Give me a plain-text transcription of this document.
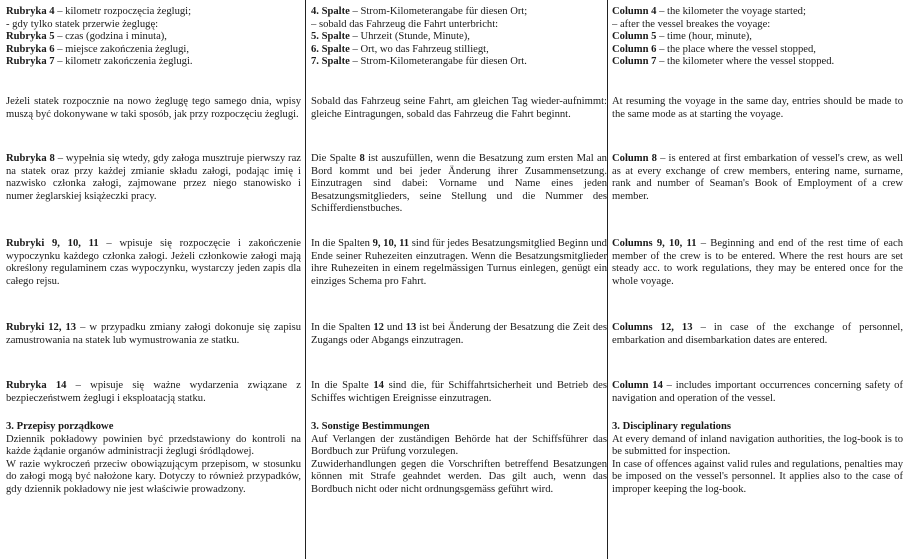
Rubryka 4 – kilometr rozpoczęcia żeglugi;

- gdy tylko statek przerwie żeglugę:

Rubryka 5 – czas (godzina i minuta),

Rubryka 6 – miejsce zakończenia żeglugi,

Rubryka 7 – kilometr zakończenia żeglugi.

Jeżeli statek rozpocznie na nowo żeglugę tego samego dnia, wpisy muszą być dokonywane w taki sposób, jak przy rozpoczęciu żeglugi.

Rubryka 8 – wypełnia się wtedy, gdy załoga musztruje pierwszy raz na statek oraz przy każdej zmianie składu załogi, podając imię i nazwisko członka załogi, zajmowane przez niego stanowisko i numer żeglarskiej książeczki pracy.

Rubryki 9, 10, 11 – wpisuje się rozpoczęcie i zakończenie wypoczynku każdego członka załogi. Jeżeli członkowie załogi mają określony regulaminem czas wypoczynku, wystarczy jeden zapis dla całego rejsu.

Rubryki 12, 13 – w przypadku zmiany załogi dokonuje się zapisu zamustrowania na statek lub wymustrowania ze statku.

Rubryka 14 – wpisuje się ważne wydarzenia związane z bezpieczeństwem żeglugi i eksploatacją statku.

3. Przepisy porządkowe

Dziennik pokładowy powinien być przedstawiony do kontroli na każde żądanie organów administracji żeglugi śródlądowej.

W razie wykroczeń przeciw obowiązującym przepisom, w stosunku do załogi mogą być nałożone kary. Dotyczy to również przypadków, gdy dziennik pokładowy nie jest właściwie prowadzony.

4. Spalte – Strom-Kilometerangabe für diesen Ort;

– sobald das Fahrzeug die Fahrt unterbricht:

5. Spalte – Uhrzeit (Stunde, Minute),

6. Spalte – Ort, wo das Fahrzeug stilliegt,

7. Spalte – Strom-Kilometerangabe für diesen Ort.

Sobald das Fahrzeug seine Fahrt, am gleichen Tag wieder-aufnimmt: gleiche Eintragungen, sobald das Fahrzeug die Fahrt beginnt.

Die Spalte 8 ist auszufüllen, wenn die Besatzung zum ersten Mal an Bord kommt und bei jeder Änderung ihrer Zusammensetzung. Einzutragen sind dabei: Vorname und Name eines jeden Besatzungsmitglieders, seine Stellung und die Nummer des Schifferdienstbuches.

In die Spalten 9, 10, 11 sind für jedes Besatzungsmitglied Beginn und Ende seiner Ruhezeiten einzutragen. Wenn die Besatzungsmitglieder ihre Ruhezeiten in einem regelmässigen Turnus einlegen, genügt ein einziges Schema pro Fahrt.

In die Spalten 12 und 13 ist bei Änderung der Besatzung die Zeit des Zugangs oder Abgangs einzutragen.

In die Spalte 14 sind die, für Schiffahrtsicherheit und Betrieb des Schiffes wichtigen Ereignisse einzutragen.

3. Sonstige Bestimmungen

Auf Verlangen der zuständigen Behörde hat der Schiffsführer das Bordbuch zur Prüfung vorzulegen.

Zuwiderhandlungen gegen die Vorschriften betreffend Besatzungen können mit Strafe geahndet werden. Das gilt auch, wenn das Bordbuch nicht oder nicht ordnungsgemäss geführt wird.

Column 4 – the kilometer the voyage started;

– after the vessel breakes the voyage:

Column 5 – time (hour, minute),

Column 6 – the place where the vessel stopped,

Column 7 – the kilometer where the vessel stopped.

At resuming the voyage in the same day, entries should be made to the same mode as at starting the voyage.

Column 8 – is entered at first embarkation of vessel's crew, as well as at every exchange of crew members, entering name, surname, rank and number of Seaman's Book of Employment of a crew member.

Columns 9, 10, 11 – Beginning and end of the rest time of each member of the crew is to be entered. Where the rest hours are set steady acc. to work regulations, they may be entered once for the whole voyage.

Columns 12, 13 – in case of the exchange of personnel, embarkation and disembarkation dates are entered.

Column 14 – includes important occurrences concerning safety of navigation and operation of the vessel.

3. Disciplinary regulations

At every demand of inland navigation authorities, the log-book is to be submitted for inspection.

In case of offences against valid rules and regulations, penalties may be imposed on the vessel's personnel. It applies also to the case of improper keeping the log-book.
